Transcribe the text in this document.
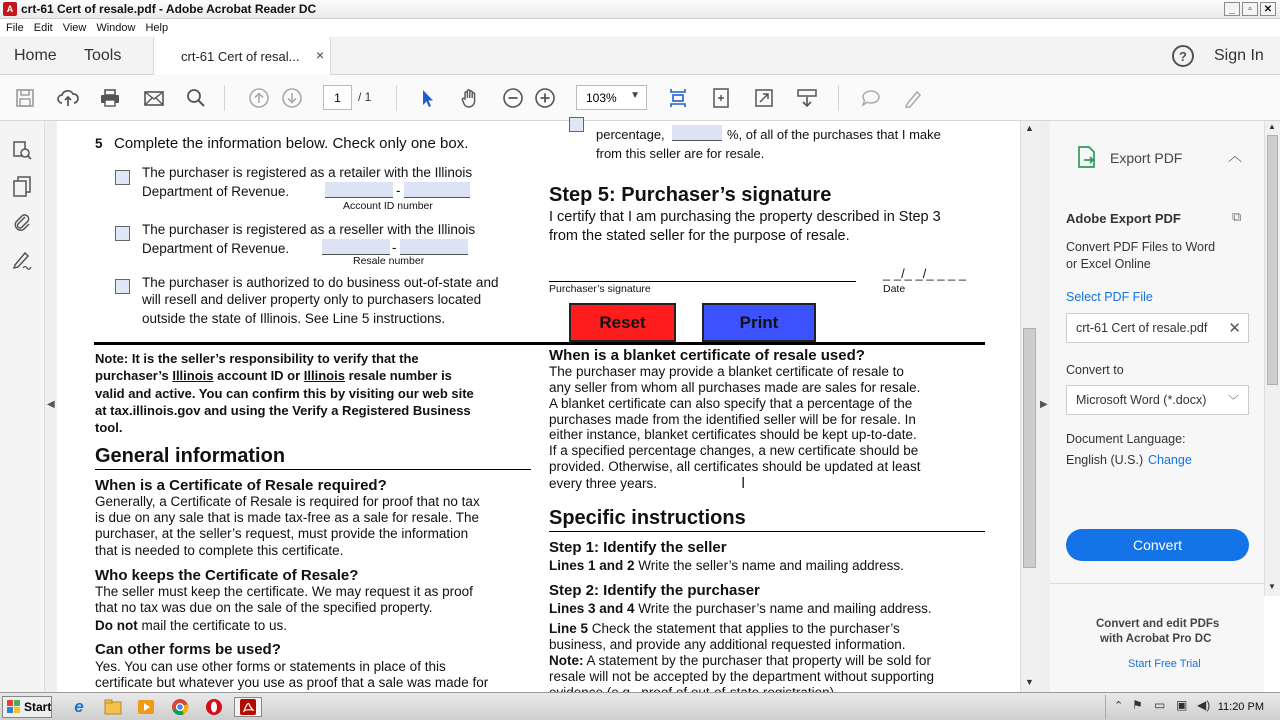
A crt-61 Cert of resale.pdf - Adobe Acrobat Reader DC	_	▫	✕
File Edit View Window Help
Home Tools	crt-61 Cert of resal... ×	?	Sign In
1	/ 1	103% ▼
◀
5 Complete the information below. Check only one box.
The purchaser is registered as a retailer with the Illinois
Department of Revenue.	-
Account ID number
The purchaser is registered as a reseller with the Illinois
Department of Revenue.	-
Resale number
The purchaser is authorized to do business out-of-state and
will resell and deliver property only to purchasers located
outside the state of Illinois. See Line 5 instructions.
percentage,	%, of all of the purchases that I make
from this seller are for resale.
Step 5: Purchaser’s signature
I certify that I am purchasing the property described in Step 3
from the stated seller for the purpose of resale.
Purchaser’s signature
_ _/_ _/_ _ _ _
Date
Reset	Print
Note: It is the seller’s responsibility to verify that the
purchaser’s Illinois account ID or Illinois resale number is
valid and active. You can confirm this by visiting our web site
at tax.illinois.gov and using the Verify a Registered Business
tool.
General information
When is a Certificate of Resale required?
Generally, a Certificate of Resale is required for proof that no tax
is due on any sale that is made tax-free as a sale for resale. The
purchaser, at the seller’s request, must provide the information
that is needed to complete this certificate.
Who keeps the Certificate of Resale?
The seller must keep the certificate. We may request it as proof
that no tax was due on the sale of the specified property.
Do not mail the certificate to us.
Can other forms be used?
Yes. You can use other forms or statements in place of this
certificate but whatever you use as proof that a sale was made for
When is a blanket certificate of resale used?
The purchaser may provide a blanket certificate of resale to
any seller from whom all purchases made are sales for resale.
A blanket certificate can also specify that a percentage of the
purchases made from the identified seller will be for resale. In
either instance, blanket certificates should be kept up-to-date.
If a specified percentage changes, a new certificate should be
provided. Otherwise, all certificates should be updated at least
every three years.	I
Specific instructions
Step 1: Identify the seller
Lines 1 and 2 Write the seller’s name and mailing address.
Step 2: Identify the purchaser
Lines 3 and 4 Write the purchaser’s name and mailing address.
Line 5 Check the statement that applies to the purchaser’s
business, and provide any additional requested information.
Note: A statement by the purchaser that property will be sold for
resale will not be accepted by the department without supporting
▲
▼
▶
Export PDF	︿
Adobe Export PDF	⧉
Convert PDF Files to Word
or Excel Online
Select PDF File
crt-61 Cert of resale.pdf ✕
Convert to
Microsoft Word (*.docx) ﹀
Document Language:
English (U.S.) Change
Convert
Convert and edit PDFs
with Acrobat Pro DC
Start Free Trial
▲
▼
Start e	⌃ ⚑ ▭ ▣ ◀) 11:20 PM
